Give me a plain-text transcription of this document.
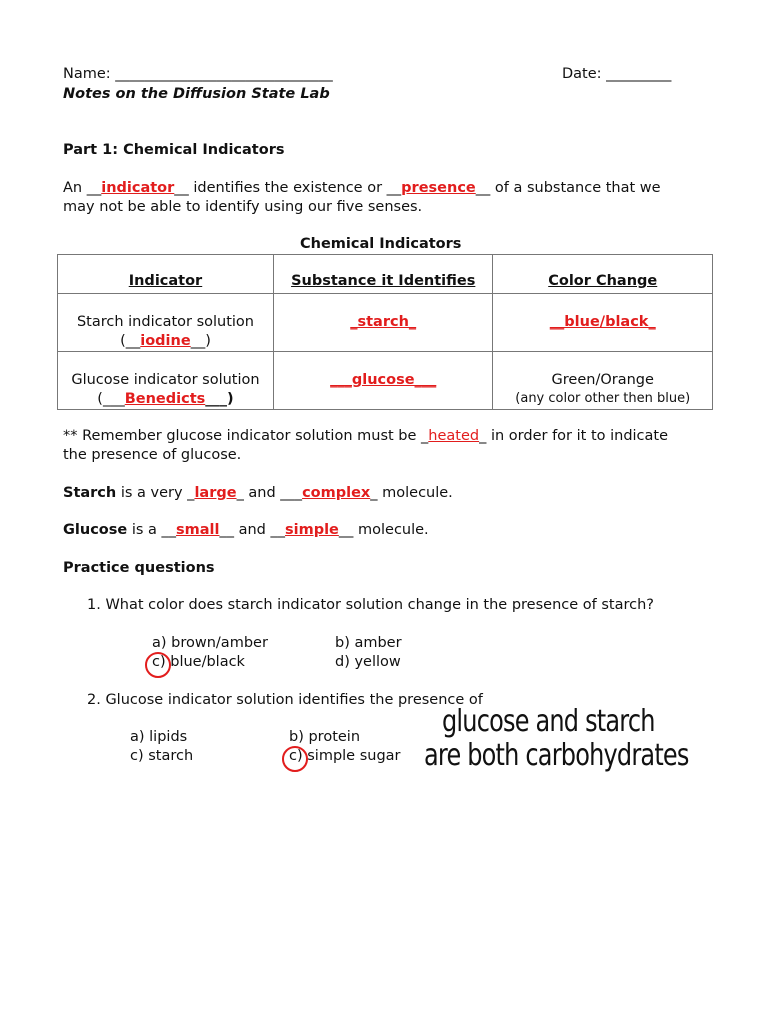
Name: ______________________________	Date: _________
Notes on the Diffusion State Lab
Part 1: Chemical Indicators
An __indicator__ identifies the existence or __presence__ of a substance that we
may not be able to identify using our five senses.
Chemical Indicators
Indicator	Substance it Identifies	Color Change

Starch indicator solution
(__iodine__)	_starch_	__blue/black_

Glucose indicator solution
(___Benedicts___)	___glucose___	Green/Orange
(any color other then blue)
** Remember glucose indicator solution must be _heated_ in order for it to indicate
the presence of glucose.
Starch is a very _large_ and ___complex_ molecule.
Glucose is a __small__ and __simple__ molecule.
Practice questions
1. What color does starch indicator solution change in the presence of starch?
a) brown/amber	b) amber
c) blue/black	d) yellow
2. Glucose indicator solution identifies the presence of
a) lipids	b) protein
c) starch	c) simple sugar
glucose and starch
are both carbohydrates
